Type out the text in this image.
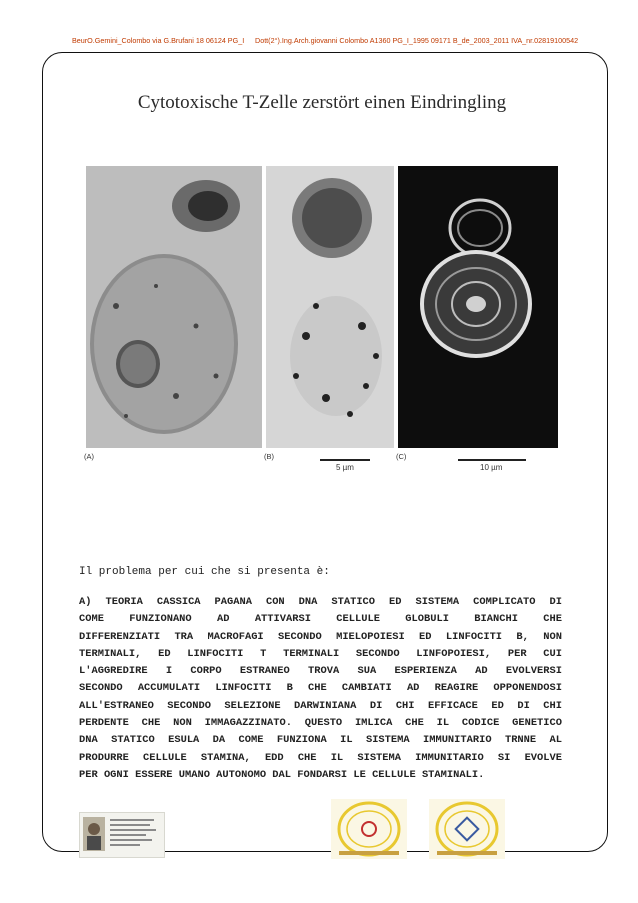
BeurO.Gemini_Colombo via G.Brufani 18 06124 PG_I Dott(2°).Ing.Arch.giovanni Colombo A1360 PG_I_1995 09171 B_de_2003_2011 IVA_nr.02819100542
Cytotoxische T-Zelle zerstört einen Eindringling
(A)	(B)	(C)
5 µm	10 µm
Il problema per cui che si presenta è:
A) TEORIA CASSICA PAGANA CON DNA STATICO ED SISTEMA COMPLICATO DI
COME FUNZIONANO AD ATTIVARSI CELLULE GLOBULI BIANCHI CHE
DIFFERENZIATI TRA MACROFAGI SECONDO MIELOPOIESI ED LINFOCITI B, NON
TERMINALI, ED LINFOCITI T TERMINALI SECONDO LINFOPOIESI, PER CUI
L'AGGREDIRE I CORPO ESTRANEO TROVA SUA ESPERIENZA AD EVOLVERSI
SECONDO ACCUMULATI LINFOCITI B CHE CAMBIATI AD REAGIRE OPPONENDOSI
ALL'ESTRANEO SECONDO SELEZIONE DARWINIANA DI CHI EFFICACE ED DI CHI
PERDENTE CHE NON IMMAGAZZINATO. QUESTO IMLICA CHE IL CODICE GENETICO
DNA STATICO ESULA DA COME FUNZIONA IL SISTEMA IMMUNITARIO TRNNE AL
PRODURRE CELLULE STAMINA, EDD CHE IL SISTEMA IMMUNITARIO SI EVOLVE
PER OGNI ESSERE UMANO AUTONOMO DAL FONDARSI LE CELLULE STAMINALI.
